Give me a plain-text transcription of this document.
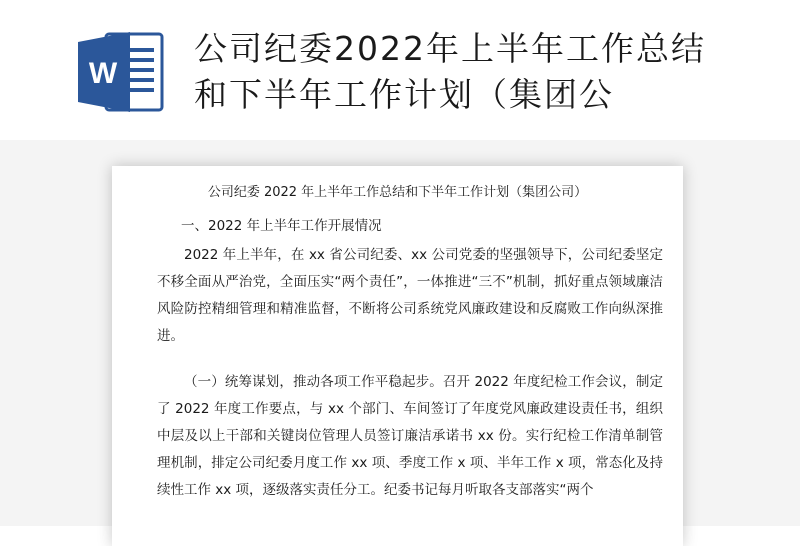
W
公司纪委2022年上半年工作总结和下半年工作计划（集团公
公司纪委 2022 年上半年工作总结和下半年工作计划（集团公司）
一、2022 年上半年工作开展情况
2022 年上半年，在 xx 省公司纪委、xx 公司党委的坚强领导下，公司纪委坚定不移全面从严治党，全面压实“两个责任”，一体推进“三不”机制，抓好重点领域廉洁风险防控精细管理和精准监督，不断将公司系统党风廉政建设和反腐败工作向纵深推进。
（一）统筹谋划，推动各项工作平稳起步。召开 2022 年度纪检工作会议，制定了 2022 年度工作要点，与 xx 个部门、车间签订了年度党风廉政建设责任书，组织中层及以上干部和关键岗位管理人员签订廉洁承诺书 xx 份。实行纪检工作清单制管理机制，排定公司纪委月度工作 xx 项、季度工作 x 项、半年工作 x 项，常态化及持续性工作 xx 项，逐级落实责任分工。纪委书记每月听取各支部落实“两个
